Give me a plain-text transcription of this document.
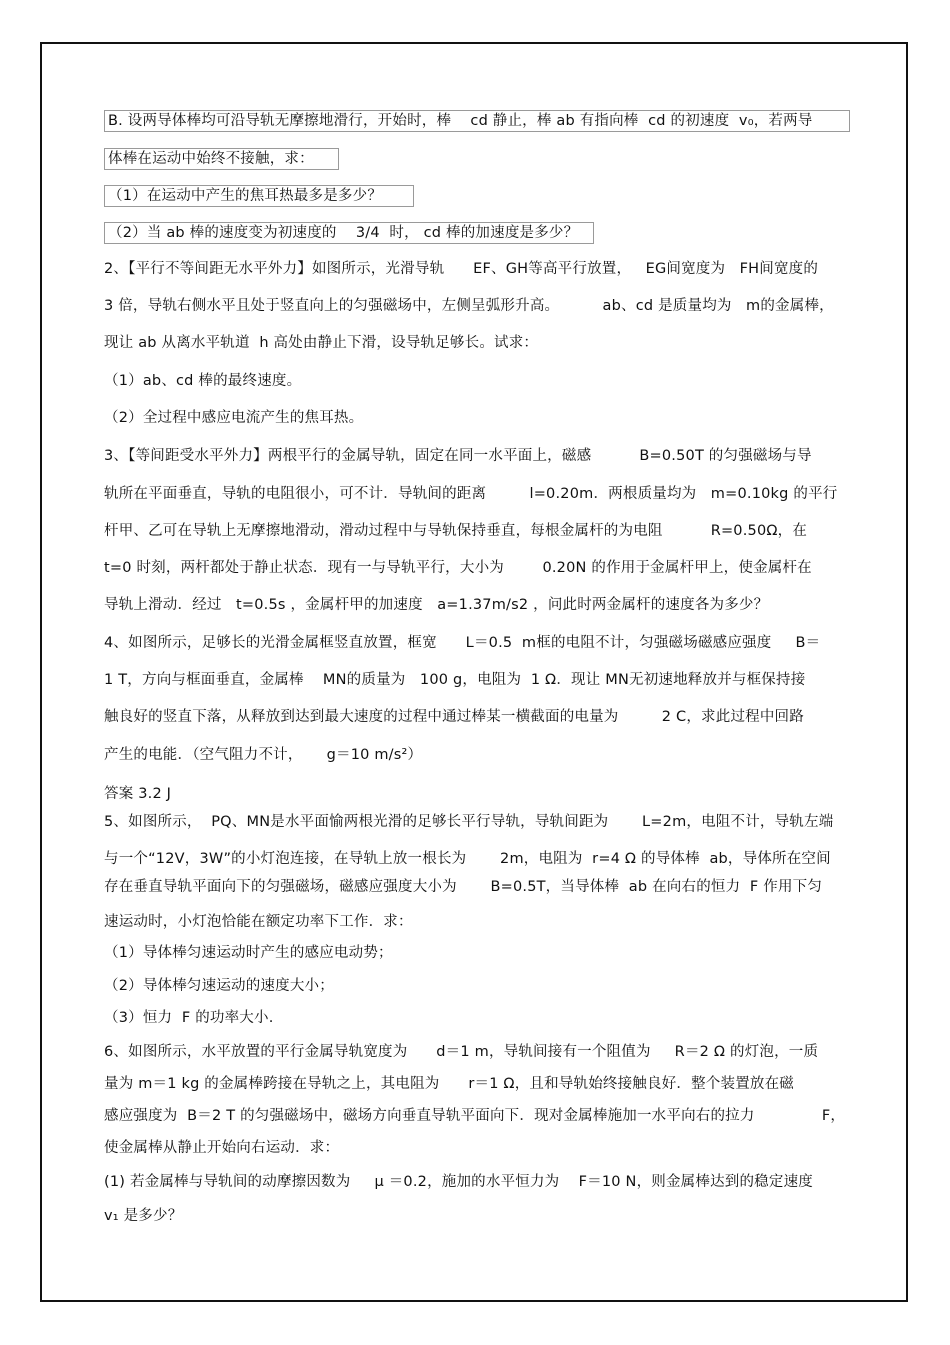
B. 设两导体棒均可沿导轨无摩擦地滑行，开始时，棒    cd 静止，棒 ab 有指向棒  cd 的初速度  v₀，若两导
体棒在运动中始终不接触，求：
（1）在运动中产生的焦耳热最多是多少？
（2）当 ab 棒的速度变为初速度的    3/4  时， cd 棒的加速度是多少？
2、【平行不等间距无水平外力】如图所示，光滑导轨      EF、GH等高平行放置，   EG间宽度为   FH间宽度的
3 倍，导轨右侧水平且处于竖直向上的匀强磁场中，左侧呈弧形升高。         ab、cd 是质量均为   m的金属棒，
现让 ab 从离水平轨道  h 高处由静止下滑，设导轨足够长。试求：
（1）ab、cd 棒的最终速度。
（2）全过程中感应电流产生的焦耳热。
3、【等间距受水平外力】两根平行的金属导轨，固定在同一水平面上，磁感          B=0.50T 的匀强磁场与导
轨所在平面垂直，导轨的电阻很小，可不计．导轨间的距离         l=0.20m．两根质量均为   m=0.10kg 的平行
杆甲、乙可在导轨上无摩擦地滑动，滑动过程中与导轨保持垂直，每根金属杆的为电阻          R=0.50Ω，在
t=0 时刻，两杆都处于静止状态．现有一与导轨平行，大小为        0.20N 的作用于金属杆甲上，使金属杆在
导轨上滑动．经过   t=0.5s ，金属杆甲的加速度   a=1.37m/s2 ，问此时两金属杆的速度各为多少？
4、如图所示，足够长的光滑金属框竖直放置，框宽      L＝0.5  m框的电阻不计，匀强磁场磁感应强度     B＝
1 T，方向与框面垂直，金属棒    MN的质量为   100 g，电阻为  1 Ω．现让 MN无初速地释放并与框保持接
触良好的竖直下落，从释放到达到最大速度的过程中通过棒某一横截面的电量为         2 C，求此过程中回路
产生的电能．（空气阻力不计，     g＝10 m/s²）
答案 3.2 J
5、如图所示，  PQ、MN是水平面愉两根光滑的足够长平行导轨，导轨间距为       L=2m，电阻不计，导轨左端
与一个“12V，3W”的小灯泡连接，在导轨上放一根长为       2m，电阻为  r=4 Ω 的导体棒  ab，导体所在空间
存在垂直导轨平面向下的匀强磁场，磁感应强度大小为       B=0.5T，当导体棒  ab 在向右的恒力  F 作用下匀
速运动时，小灯泡恰能在额定功率下工作．求：
（1）导体棒匀速运动时产生的感应电动势；
（2）导体棒匀速运动的速度大小；
（3）恒力  F 的功率大小.
6、如图所示，水平放置的平行金属导轨宽度为      d＝1 m，导轨间接有一个阻值为     R＝2 Ω 的灯泡，一质
量为 m＝1 kg 的金属棒跨接在导轨之上，其电阻为      r＝1 Ω，且和导轨始终接触良好．整个装置放在磁
感应强度为  B＝2 T 的匀强磁场中，磁场方向垂直导轨平面向下．现对金属棒施加一水平向右的拉力              F，
使金属棒从静止开始向右运动．求：
(1) 若金属棒与导轨间的动摩擦因数为     μ ＝0.2，施加的水平恒力为    F＝10 N，则金属棒达到的稳定速度
v₁ 是多少？
